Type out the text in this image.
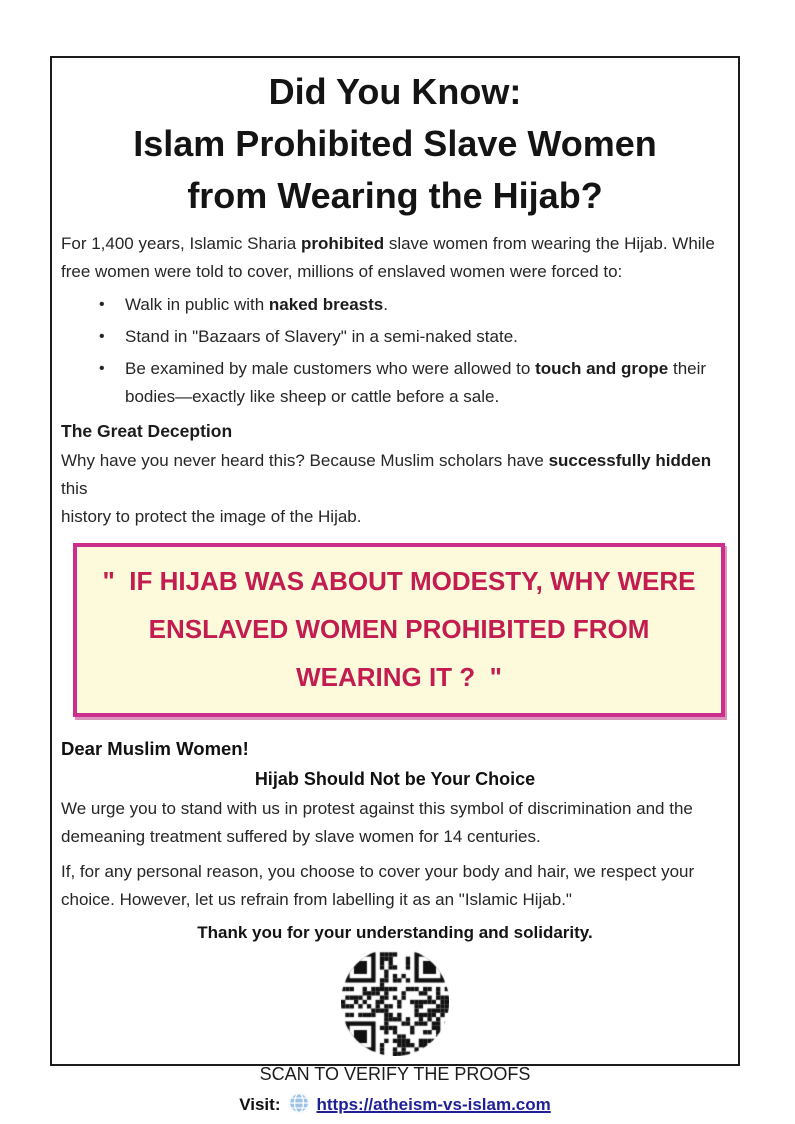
Did You Know:
Islam Prohibited Slave Women
from Wearing the Hijab?

For 1,400 years, Islamic Sharia prohibited slave women from wearing the Hijab. While
free women were told to cover, millions of enslaved women were forced to:

•	Walk in public with naked breasts.
•	Stand in "Bazaars of Slavery" in a semi-naked state.
•	Be examined by male customers who were allowed to touch and grope their
bodies—exactly like sheep or cattle before a sale.
The Great Deception

Why have you never heard this? Because Muslim scholars have successfully hidden this
history to protect the image of the Hijab.

"  IF HIJAB WAS ABOUT MODESTY, WHY WERE ENSLAVED WOMEN PROHIBITED FROM WEARING IT ?  "

Dear Muslim Women!
Hijab Should Not be Your Choice

We urge you to stand with us in protest against this symbol of discrimination and the
demeaning treatment suffered by slave women for 14 centuries.

If, for any personal reason, you choose to cover your body and hair, we respect your
choice. However, let us refrain from labelling it as an "Islamic Hijab."

Thank you for your understanding and solidarity.

SCAN TO VERIFY THE PROOFS

Visit: https://atheism-vs-islam.com
